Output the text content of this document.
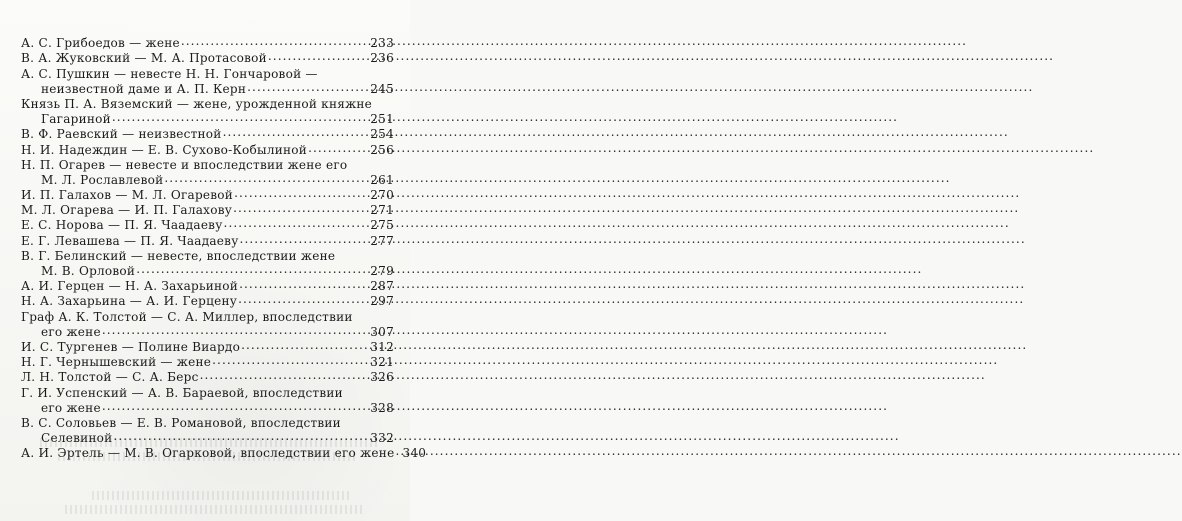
А. С. Грибоедов — жене .....	233
В. А. Жуковский — М. А. Протасовой .....	236
А. С. Пушкин — невесте Н. Н. Гончаровой —
неизвестной даме и А. П. Керн .....	245
Князь П. А. Вяземский — жене, урожденной княжне
Гагариной .....	251
В. Ф. Раевский — неизвестной .....	254
Н. И. Надеждин — Е. В. Сухово-Кобылиной .....	256
Н. П. Огарев — невесте и впоследствии жене его
М. Л. Рославлевой .....	261
И. П. Галахов — М. Л. Огаревой .....	270
М. Л. Огарева — И. П. Галахову .....	271
Е. С. Норова — П. Я. Чаадаеву .....	275
Е. Г. Левашева — П. Я. Чаадаеву .....	277
В. Г. Белинский — невесте, впоследствии жене
М. В. Орловой .....	279
А. И. Герцен — Н. А. Захарьиной .....	287
Н. А. Захарьина — А. И. Герцену .....	297
Граф А. К. Толстой — С. А. Миллер, впоследствии
его жене .....	307
И. С. Тургенев — Полине Виардо .....	312
Н. Г. Чернышевский — жене .....	321
Л. Н. Толстой — С. А. Берс .....	326
Г. И. Успенский — А. В. Бараевой, впоследствии
его жене .....	328
В. С. Соловьев — Е. В. Романовой, впоследствии
Селевиной .....	332
А. И. Эртель — М. В. Огарковой, впоследствии его жене ..... 340
